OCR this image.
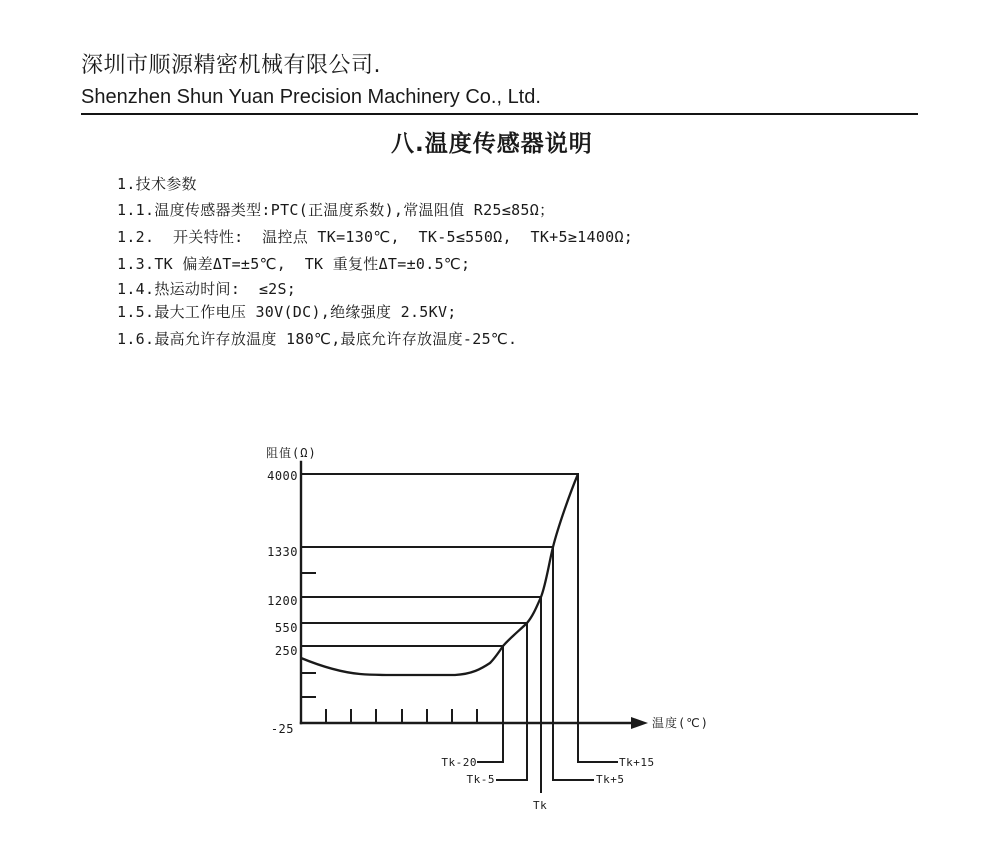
深圳市顺源精密机械有限公司.
Shenzhen Shun Yuan Precision Machinery Co., Ltd.
八.温度传感器说明
1.技术参数
1.1.温度传感器类型:PTC(正温度系数),常温阻值 R25≤85Ω；
1.2.  开关特性:  温控点 TK=130℃,  TK-5≤550Ω,  TK+5≥1400Ω;
1.3.TK 偏差ΔT=±5℃,  TK 重复性ΔT=±0.5℃;
1.4.热运动时间:  ≤2S;
1.5.最大工作电压 30V(DC),绝缘强度 2.5KV;
1.6.最高允许存放温度 180℃,最底允许存放温度-25℃.
阻值(Ω)
温度(℃)
4000
1330
1200
550
250
-25
Tk-20
Tk-5
Tk
Tk+5
Tk+15
